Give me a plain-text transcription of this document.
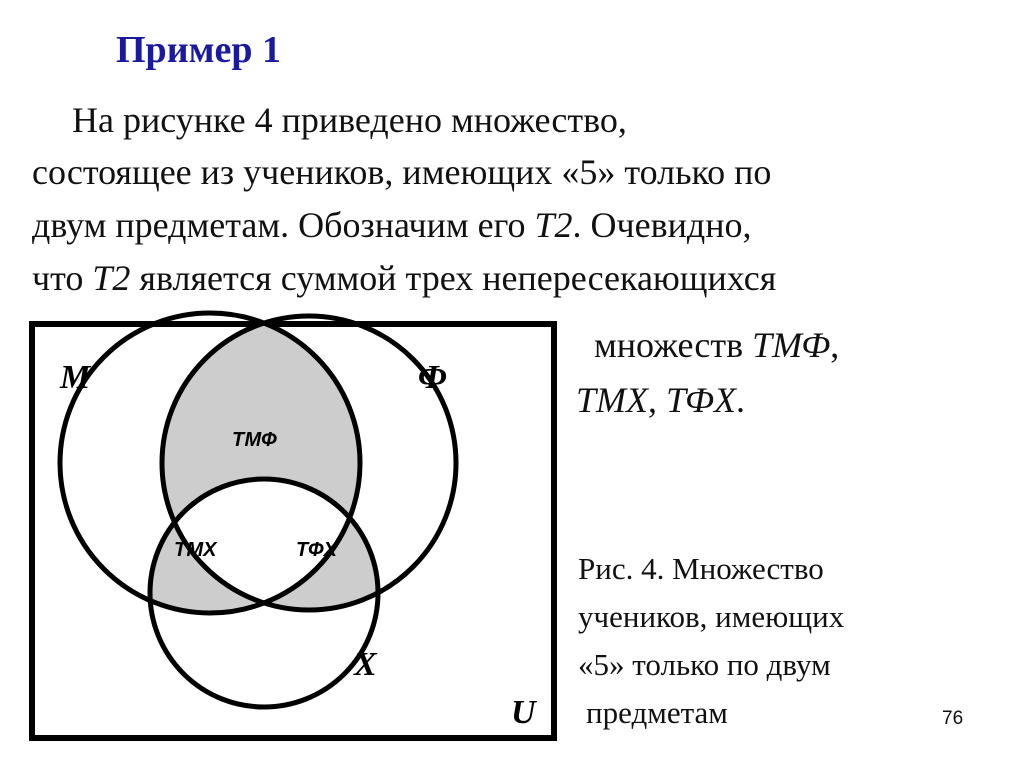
Пример 1
На рисунке 4 приведено множество,
состоящее из учеников, имеющих «5» только по
двум предметам. Обозначим его Т2. Очевидно,
что Т2 является суммой трех непересекающихся
множеств ТМФ,
ТМХ, ТФХ.
М	Ф
Х
U
ТМФ
ТМХ	ТФХ
Рис. 4. Множество
учеников, имеющих
«5» только по двум
предметам	76
